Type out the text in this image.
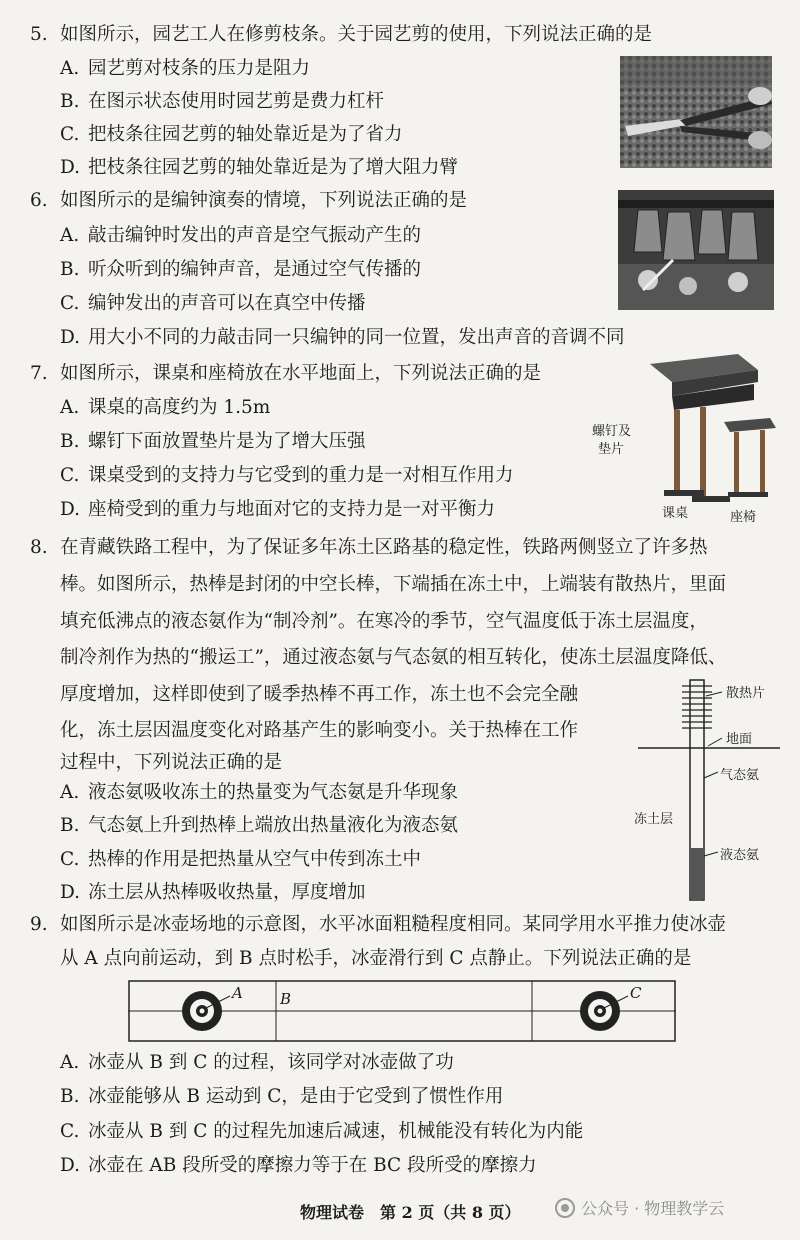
5. 如图所示，园艺工人在修剪枝条。关于园艺剪的使用，下列说法正确的是
A. 园艺剪对枝条的压力是阻力
B. 在图示状态使用时园艺剪是费力杠杆
C. 把枝条往园艺剪的轴处靠近是为了省力
D. 把枝条往园艺剪的轴处靠近是为了增大阻力臂
6. 如图所示的是编钟演奏的情境，下列说法正确的是
A. 敲击编钟时发出的声音是空气振动产生的
B. 听众听到的编钟声音，是通过空气传播的
C. 编钟发出的声音可以在真空中传播
D. 用大小不同的力敲击同一只编钟的同一位置，发出声音的音调不同
7. 如图所示，课桌和座椅放在水平地面上，下列说法正确的是
A. 课桌的高度约为 1.5m
B. 螺钉下面放置垫片是为了增大压强
C. 课桌受到的支持力与它受到的重力是一对相互作用力
D. 座椅受到的重力与地面对它的支持力是一对平衡力
螺钉及
垫片
课桌	座椅
8. 在青藏铁路工程中，为了保证多年冻土区路基的稳定性，铁路两侧竖立了许多热
棒。如图所示，热棒是封闭的中空长棒，下端插在冻土中，上端装有散热片，里面
填充低沸点的液态氨作为“制冷剂”。在寒冷的季节，空气温度低于冻土层温度，
制冷剂作为热的“搬运工”，通过液态氨与气态氨的相互转化，使冻土层温度降低、
厚度增加，这样即使到了暖季热棒不再工作，冻土也不会完全融
化，冻土层因温度变化对路基产生的影响变小。关于热棒在工作
过程中，下列说法正确的是
A. 液态氨吸收冻土的热量变为气态氨是升华现象
B. 气态氨上升到热棒上端放出热量液化为液态氨
C. 热棒的作用是把热量从空气中传到冻土中
D. 冻土层从热棒吸收热量，厚度增加
散热片
地面
气态氨
冻土层
液态氨
9. 如图所示是冰壶场地的示意图，水平冰面粗糙程度相同。某同学用水平推力使冰壶
从 A 点向前运动，到 B 点时松手，冰壶滑行到 C 点静止。下列说法正确的是
A B	C
A. 冰壶从 B 到 C 的过程，该同学对冰壶做了功
B. 冰壶能够从 B 运动到 C，是由于它受到了惯性作用
C. 冰壶从 B 到 C 的过程先加速后减速，机械能没有转化为内能
D. 冰壶在 AB 段所受的摩擦力等于在 BC 段所受的摩擦力
物理试卷　第 2 页（共 8 页）	公众号 · 物理教学云
